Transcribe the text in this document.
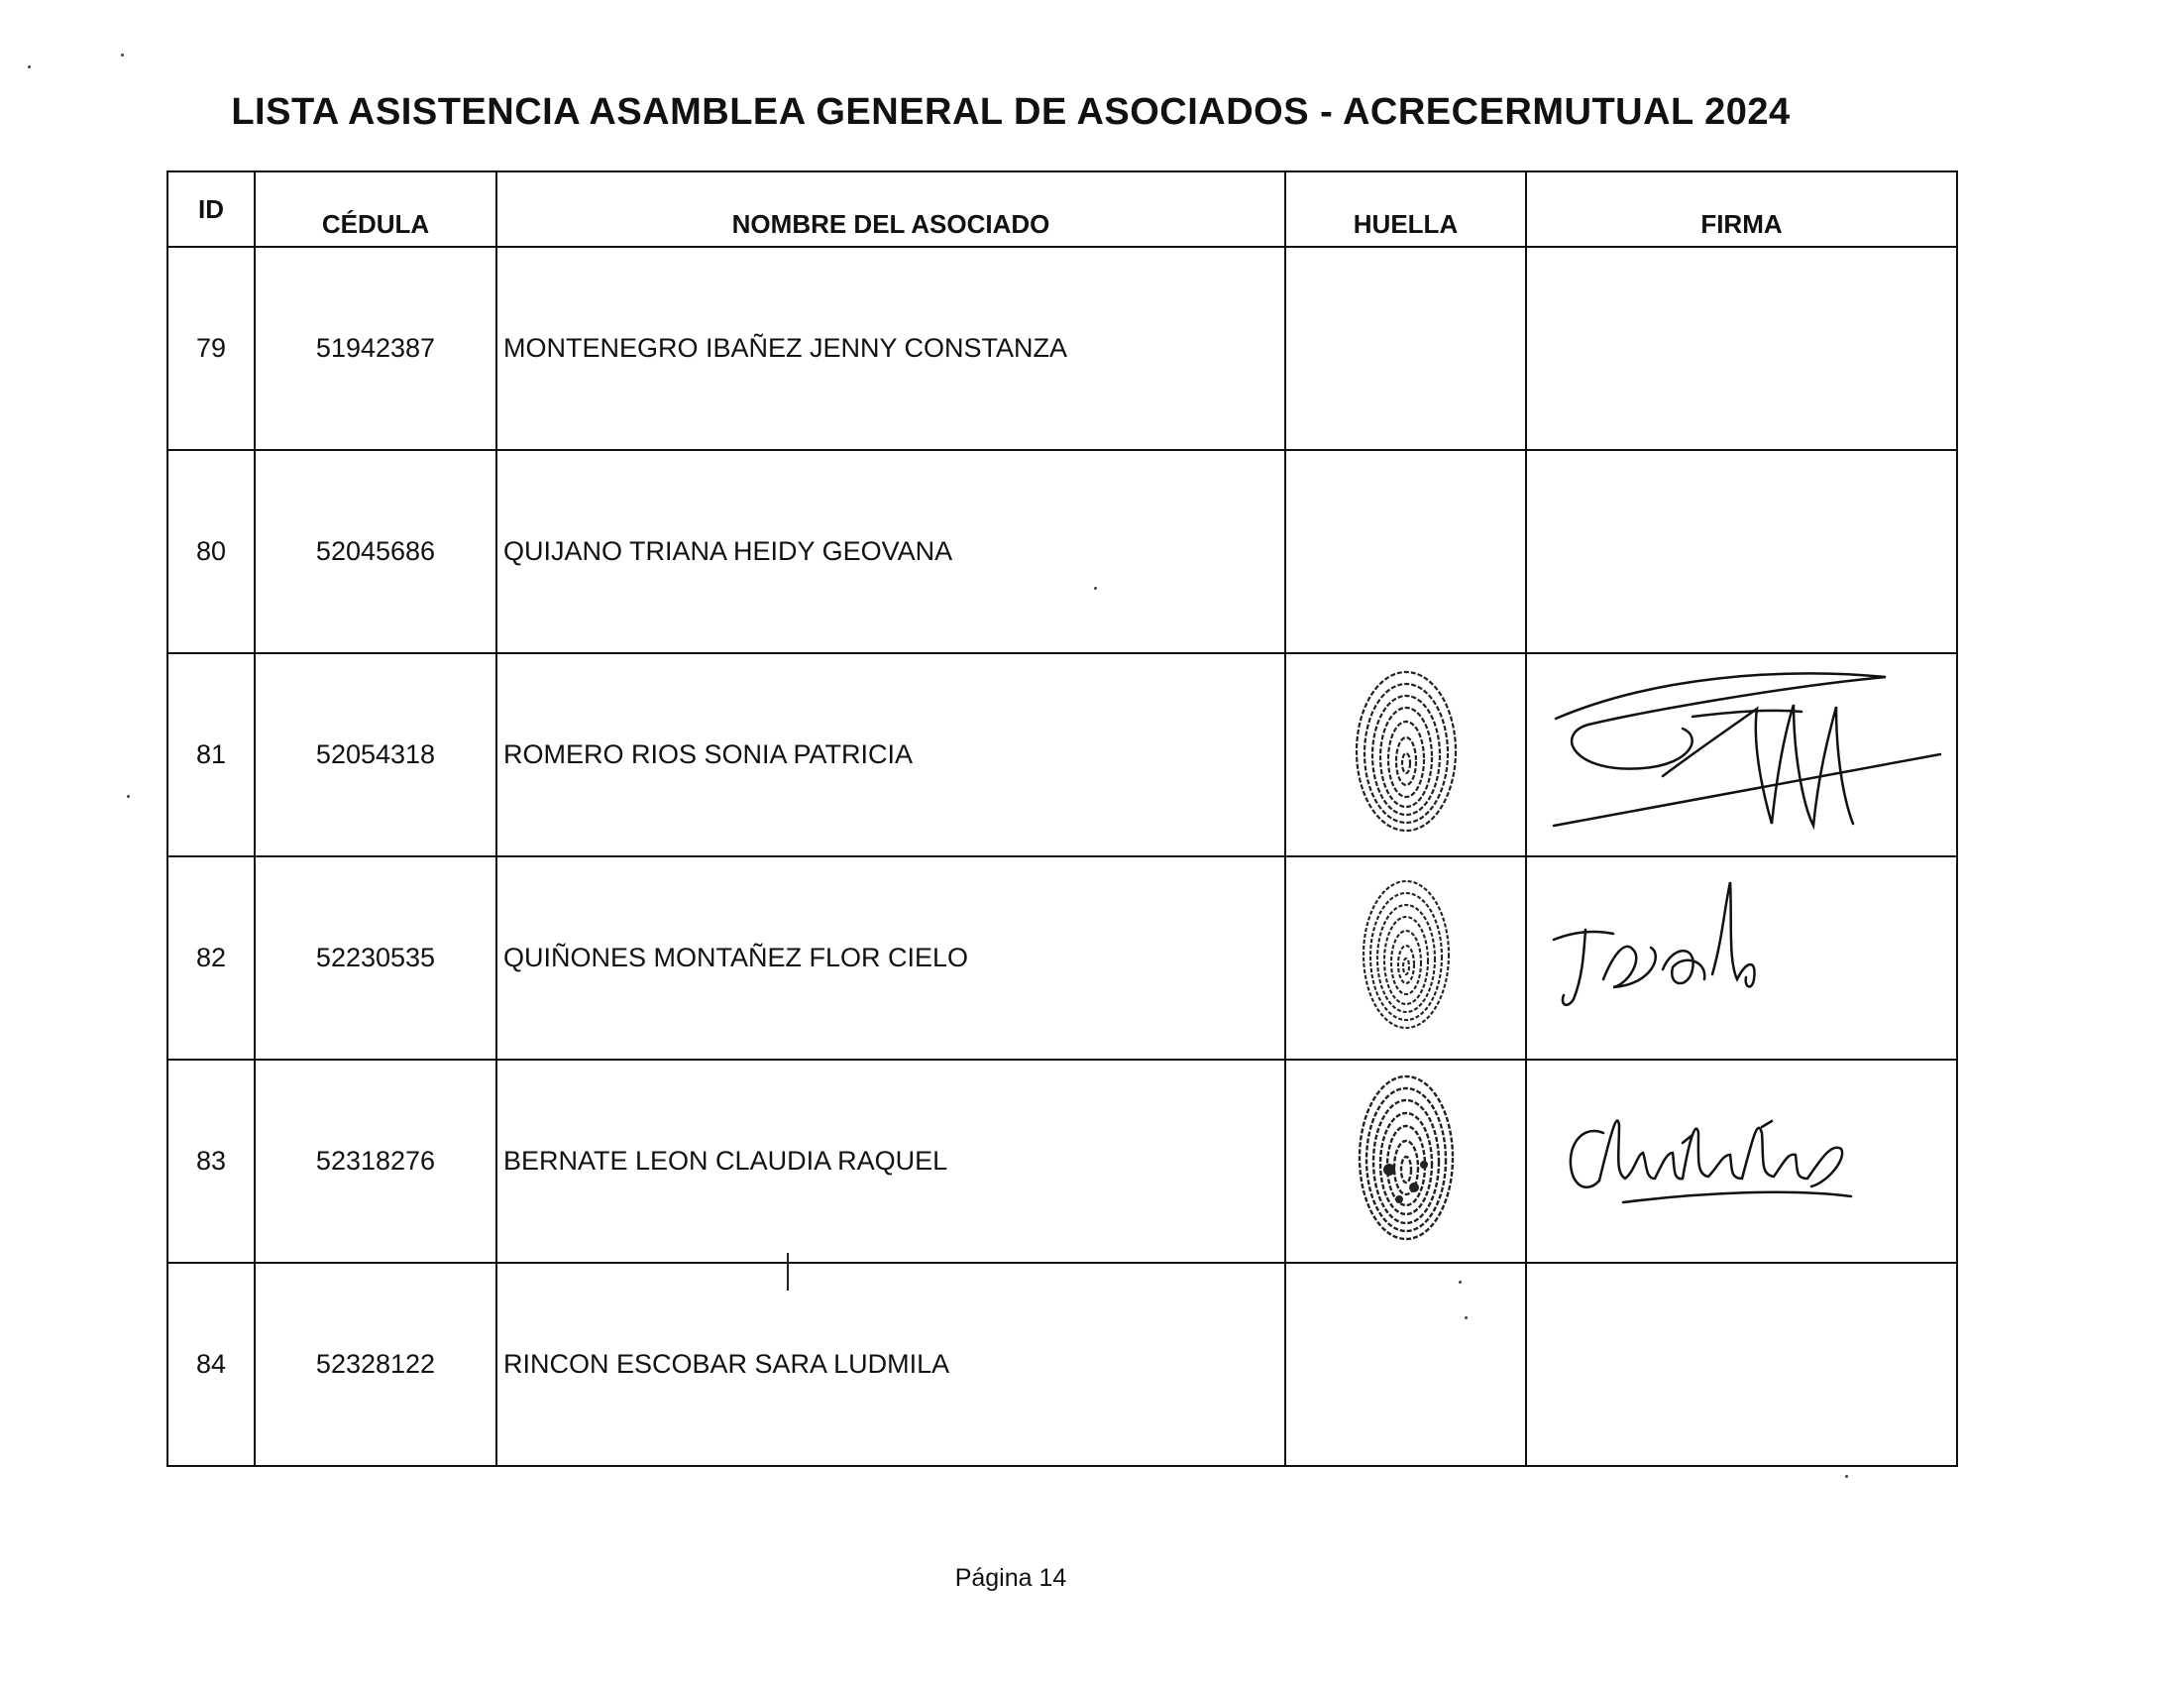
LISTA ASISTENCIA ASAMBLEA GENERAL DE ASOCIADOS - ACRECERMUTUAL 2024
ID	CÉDULA	NOMBRE DEL ASOCIADO	HUELLA	FIRMA
79	51942387	MONTENEGRO IBAÑEZ JENNY CONSTANZA		
80	52045686	QUIJANO TRIANA HEIDY GEOVANA		
81	52054318	ROMERO RIOS SONIA PATRICIA		
82	52230535	QUIÑONES MONTAÑEZ FLOR CIELO		
83	52318276	BERNATE LEON CLAUDIA RAQUEL		
84	52328122	RINCON ESCOBAR SARA LUDMILA		
Página 14
